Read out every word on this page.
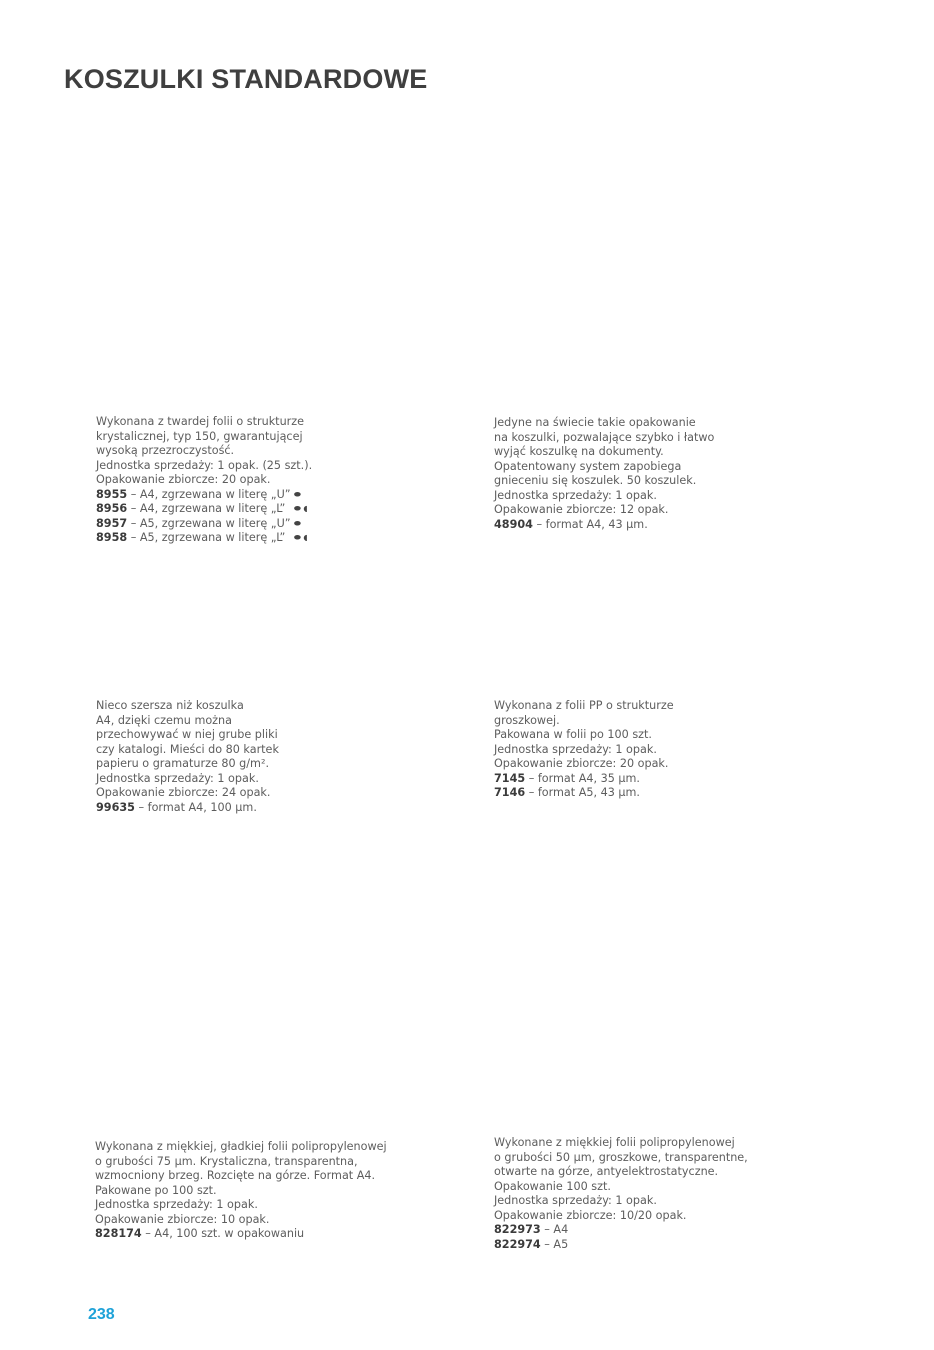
KOSZULKI STANDARDOWE
Wykonana z twardej folii o strukturze
krystalicznej, typ 150, gwarantującej
wysoką przezroczystość.
Jednostka sprzedaży: 1 opak. (25 szt.).
Opakowanie zbiorcze: 20 opak.
8955 – A4, zgrzewana w literę „U” ⬬
8956 – A4, zgrzewana w literę „L” ⬬ ◖
8957 – A5, zgrzewana w literę „U” ⬬
8958 – A5, zgrzewana w literę „L” ⬬ ◖
Jedyne na świecie takie opakowanie
na koszulki, pozwalające szybko i łatwo
wyjąć koszulkę na dokumenty.
Opatentowany system zapobiega
gnieceniu się koszulek. 50 koszulek.
Jednostka sprzedaży: 1 opak.
Opakowanie zbiorcze: 12 opak.
48904 – format A4, 43 μm.
Nieco szersza niż koszulka
A4, dzięki czemu można
przechowywać w niej grube pliki
czy katalogi. Mieści do 80 kartek
papieru o gramaturze 80 g/m².
Jednostka sprzedaży: 1 opak.
Opakowanie zbiorcze: 24 opak.
99635 – format A4, 100 μm.
Wykonana z folii PP o strukturze
groszkowej.
Pakowana w folii po 100 szt.
Jednostka sprzedaży: 1 opak.
Opakowanie zbiorcze: 20 opak.
7145 – format A4, 35 μm.
7146 – format A5, 43 μm.
Wykonana z miękkiej, gładkiej folii polipropylenowej
o grubości 75 μm. Krystaliczna, transparentna,
wzmocniony brzeg. Rozcięte na górze. Format A4.
Pakowane po 100 szt.
Jednostka sprzedaży: 1 opak.
Opakowanie zbiorcze: 10 opak.
828174 – A4, 100 szt. w opakowaniu
Wykonane z miękkiej folii polipropylenowej
o grubości 50 μm, groszkowe, transparentne,
otwarte na górze, antyelektrostatyczne.
Opakowanie 100 szt.
Jednostka sprzedaży: 1 opak.
Opakowanie zbiorcze: 10/20 opak.
822973 – A4
822974 – A5
238
